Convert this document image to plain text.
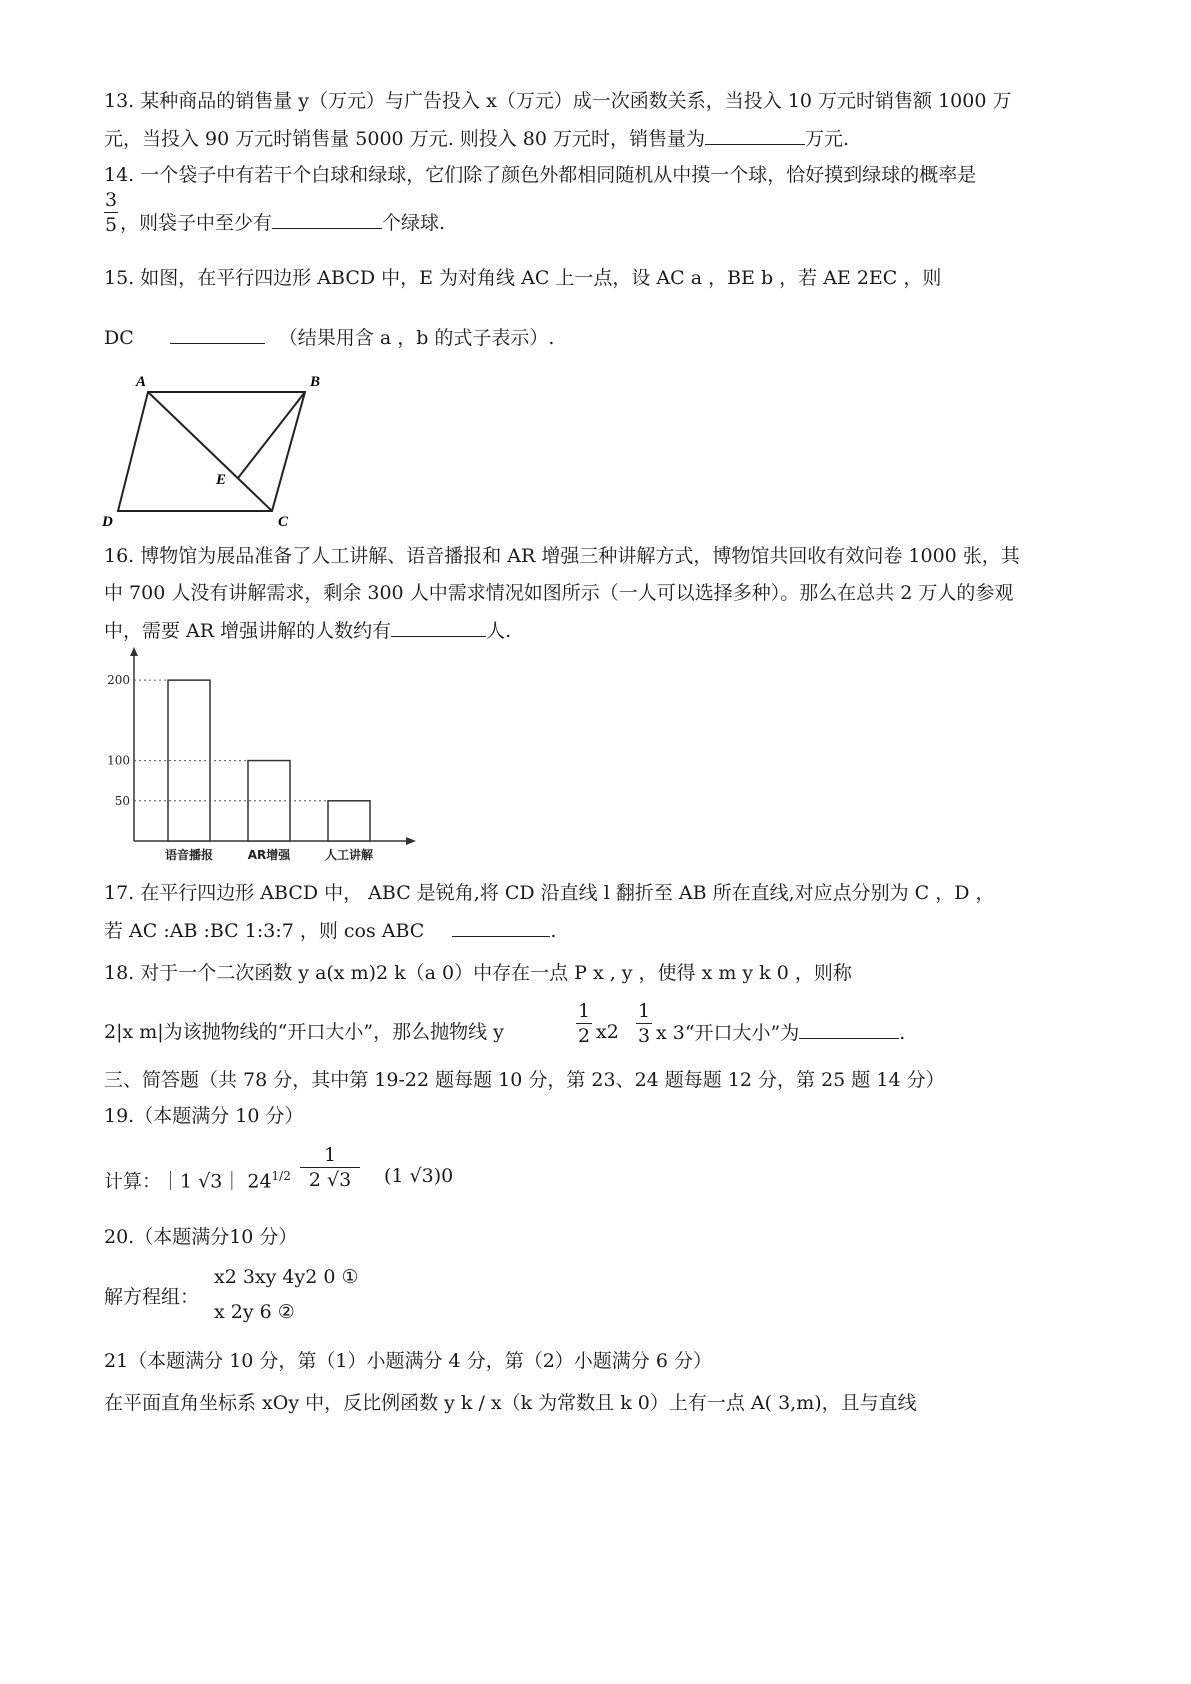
13. 某种商品的销售量 y（万元）与广告投入 x（万元）成一次函数关系，当投入 10 万元时销售额 1000 万
元，当投入 90 万元时销售量 5000 万元. 则投入 80 万元时，销售量为	万元.
14. 一个袋子中有若干个白球和绿球，它们除了颜色外都相同随机从中摸一个球，恰好摸到绿球的概率是
3
5 ，则袋子中至少有	个绿球.
15. 如图，在平行四边形 ABCD 中，E 为对角线 AC 上一点，设 AC a ，BE b ，若 AE 2EC ，则
DC	（结果用含 a ，b 的式子表示）.
A	B
C
D
E
16. 博物馆为展品准备了人工讲解、语音播报和 AR 增强三种讲解方式，博物馆共回收有效问卷 1000 张，其
中 700 人没有讲解需求，剩余 300 人中需求情况如图所示（一人可以选择多种）。那么在总共 2 万人的参观
中，需要 AR 增强讲解的人数约有	人.
语音播报	AR增强	人工讲解
50
100
200
17. 在平行四边形 ABCD 中， ABC 是锐角,将 CD 沿直线 l 翻折至 AB 所在直线,对应点分别为 C ，D ，
若 AC :AB :BC 1:3:7 ，则 cos ABC	.
18. 对于一个二次函数 y a(x m)2 k（a 0）中存在一点 P x , y ，使得 x m y k 0 ，则称
2|x m|为该抛物线的“开口大小”，那么抛物线 y
1
2 x2
1
3 x 3“开口大小”为	.
三、简答题（共 78 分，其中第 19-22 题每题 10 分，第 23、24 题每题 12 分，第 25 题 14 分）
19.（本题满分 10 分）
计算：｜1 √3｜ $24^{1/2}$
1
2 √3	(1 √3)0
20.（本题满分10 分）
解方程组：
x2 3xy 4y2 0 ①
x 2y 6 ②
21（本题满分 10 分，第（1）小题满分 4 分，第（2）小题满分 6 分）
在平面直角坐标系 xOy 中，反比例函数 y k / x（k 为常数且 k 0）上有一点 A( 3,m)，且与直线
